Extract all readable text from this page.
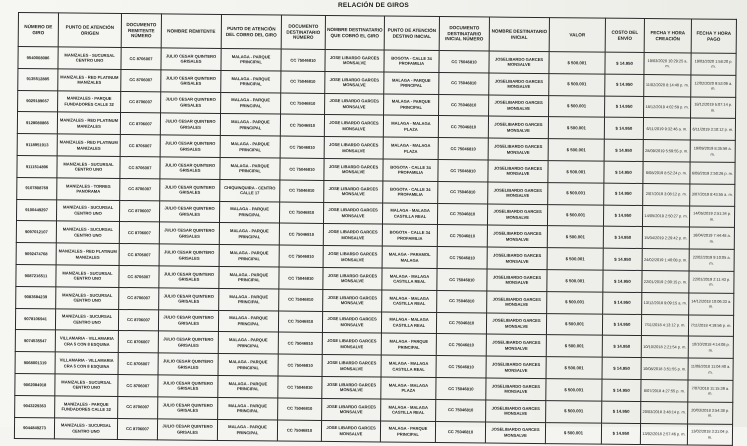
RELACIÓN DE GIROS
NÚMERO DE GIRO	PUNTO DE ATENCIÓN ORIGEN	DOCUMENTO REMITENTE NÚMERO	NOMBRE REMITENTE	PUNTO DE ATENCIÓN DEL COBRO DEL GIRO	DOCUMENTO DESTINATARIO NÚMERO	NOMBRE DESTINATARIO QUE COBRÓ EL GIRO	PUNTO DE ATENCIÓN DESTINO INICIAL	DOCUMENTO DESTINATARIO INICIAL NÚMERO	NOMBRE DESTINATARIO INICIAL	VALOR	COSTO DEL ENVÍO	FECHA Y HORA CREACIÓN	FECHA Y HORA PAGO
9540008086	MANIZALES - SUCURSAL CENTRO UNO	CC 8706007	JULIO CESAR QUINTERO GRISALES	MALAGA - PARQUE PRINCIPAL	CC 75046810	JOSE LIBARDO GARCES MONSALVE	BOGOTA - CALLE 34 PROFAMILIA	CC 75046810	JOSELIBARDO GARCES MONSALVE	$ 500.001	$ 14.950	19/03/2020 10:29:25 a. m.	19/03/2020 1:58:20 p. m.
9135512885	MANIZALES - RED PLATINUM MANIZALES	CC 8706007	JULIO CESAR QUINTERO GRISALES	MALAGA - PARQUE PRINCIPAL	CC 75046810	JOSE LIBARDO GARCES MONSALVE	MALAGA - PARQUE PRINCIPAL	CC 75046810	JOSELIBARDO GARCES MONSALVE	$ 500.001	$ 14.950	11/02/2020 8:14:40 p. m.	12/02/2020 9:53:06 a. m.
9029189667	MANIZALES - PARQUE FUNDADORES CALLE 32	CC 8706007	JULIO CESAR QUINTERO GRISALES	MALAGA - PARQUE PRINCIPAL	CC 75046810	JOSE LIBARDO GARCES MONSALVE	MALAGA - PARQUE PRINCIPAL	CC 75046810	JOSELIBARDO GARCES MONSALVE	$ 500.001	$ 14.950	18/12/2019 4:02:59 p. m.	18/12/2019 5:07:14 p. m.
9128080866	MANIZALES - RED PLATINUM MANIZALES	CC 8706007	JULIO CESAR QUINTERO GRISALES	MALAGA - PARQUE PRINCIPAL	CC 75046810	JOSE LIBARDO GARCES MONSALVE	MALAGA - MALAGA PLAZA	CC 75046810	JOSELIBARDO GARCES MONSALVE	$ 500.001	$ 14.950	6/11/2019 9:32:46 a. m.	6/11/2019 3:10:12 p. m.
9118951913	MANIZALES - RED PLATINUM MANIZALES	CC 8706007	JULIO CESAR QUINTERO GRISALES	MALAGA - PARQUE PRINCIPAL	CC 75046810	JOSE LIBARDO GARCES MONSALVE	MALAGA - MALAGA PLAZA	CC 75046810	JOSELIBARDO GARCES MONSALVE	$ 500.001	$ 14.950	28/09/2019 5:59:55 p. m.	19/09/2019 8:35:56 a. m.
9111514896	MANIZALES - SUCURSAL CENTRO UNO	CC 8706007	JULIO CESAR QUINTERO GRISALES	MALAGA - PARQUE PRINCIPAL	CC 75046810	JOSE LIBARDO GARCES MONSALVE	BOGOTA - CALLE 34 PROFAMILIA	CC 75046810	JOSELIBARDO GARCES MONSALVE	$ 500.001	$ 14.950	6/08/2019 8:52:24 p. m.	6/08/2019 2:50:26 p. m.
9107808769	MANIZALES - TORRES PANORAMA	CC 8706007	JULIO CESAR QUINTERO GRISALES	CHIQUINQUIRA - CENTRO CALLE 17	CC 75046810	JOSE LIBARDO GARCES MONSALVE	BOGOTA - CALLE 34 PROFAMILIA	CC 75046810	JOSELIBARDO GARCES MONSALVE	$ 500.001	$ 14.950	2/07/2019 3:08:12 p. m.	3/07/2019 8:43:55 a. m.
9100449297	MANIZALES - SUCURSAL CENTRO UNO	CC 8706007	JULIO CESAR QUINTERO GRISALES	MALAGA - PARQUE PRINCIPAL	CC 75046810	JOSE LIBARDO GARCES MONSALVE	MALAGA - MALAGA CASTILLA REAL	CC 75046810	JOSELIBARDO GARCES MONSALVE	$ 500.001	$ 14.950	14/05/2019 2:50:27 p. m.	14/05/2019 2:51:34 p. m.
9097012107	MANIZALES - SUCURSAL CENTRO UNO	CC 8706007	JULIO CESAR QUINTERO GRISALES	MALAGA - PARQUE PRINCIPAL	CC 75046810	JOSE LIBARDO GARCES MONSALVE	BOGOTA - CALLE 34 PROFAMILIA	CC 75046810	JOSELIBARDO GARCES MONSALVE	$ 500.001	$ 14.950	15/04/2019 2:29:42 p. m.	16/04/2019 7:44:48 a. m.
9092474768	MANIZALES - RED PLATINUM MANIZALES	CC 8706007	JULIO CESAR QUINTERO GRISALES	MALAGA - PARQUE PRINCIPAL	CC 75046810	JOSE LIBARDO GARCES MONSALVE	MALAGA - PARAMOL MALAGA	CC 75046810	JOSELIBARDO GARCES MONSALVE	$ 500.001	$ 14.950	24/02/2019 1:40:08 p. m.	22/02/2019 9:10:05 a. m.
9087216511	MANIZALES - SUCURSAL CENTRO UNO	CC 8706007	JULIO CESAR QUINTERO GRISALES	MALAGA - PARQUE PRINCIPAL	CC 75046810	JOSE LIBARDO GARCES MONSALVE	MALAGA - MALAGA CASTILLA REAL	CC 75046810	JOSELIBARDO GARCES MONSALVE	$ 500.001	$ 14.950	22/01/2019 2:00:15 p. m.	22/01/2019 2:11:43 p. m.
9083684239	MANIZALES - SUCURSAL CENTRO UNO	CC 8706007	JULIO CESAR QUINTERO GRISALES	MALAGA - PARQUE PRINCIPAL	CC 75046810	JOSE LIBARDO GARCES MONSALVE	MALAGA - MALAGA CASTILLA REAL	CC 75046810	JOSELIBARDO GARCES MONSALVE	$ 500.001	$ 14.950	13/12/2018 9:09:15 a. m.	14/12/2018 10:06:33 a. m.
9078106941	MANIZALES - SUCURSAL CENTRO UNO	CC 8706007	JULIO CESAR QUINTERO GRISALES	MALAGA - PARQUE PRINCIPAL	CC 75046810	JOSE LIBARDO GARCES MONSALVE	MALAGA - MALAGA CASTILLA REAL	CC 75046810	JOSELIBARDO GARCES MONSALVE	$ 500.001	$ 14.950	7/11/2018 4:13:12 p. m.	7/11/2018 4:19:56 p. m.
9074535547	VILLAMARIA - VILLAMARIA CRA 5 CON 8 ESQUINA	CC 8706007	JULIO CESAR QUINTERO GRISALES	MALAGA - PARQUE PRINCIPAL	CC 75046810	JOSE LIBARDO GARCES MONSALVE	MALAGA - PARQUE PRINCIPAL	CC 75046810	JOSELIBARDO GARCES MONSALVE	$ 500.001	$ 14.950	10/10/2018 2:21:54 p. m.	10/10/2018 4:14:08 p. m.
9068001319	VILLAMARIA - VILLAMARIA CRA 5 CON 8 ESQUINA	CC 8706007	JULIO CESAR QUINTERO GRISALES	MALAGA - PARQUE PRINCIPAL	CC 75046810	JOSE LIBARDO GARCES MONSALVE	MALAGA - MALAGA CASTILLA REAL	CC 75046810	JOSELIBARDO GARCES MONSALVE	$ 500.001	$ 14.950	10/08/2018 3:51:55 p. m.	11/08/2018 11:04:40 a. m.
9062084918	MANIZALES - SUCURSAL CENTRO UNO	CC 8706007	JULIO CESAR QUINTERO GRISALES	MALAGA - PARQUE PRINCIPAL	CC 75046810	JOSE LIBARDO GARCES MONSALVE	MALAGA - MALAGA PLAZA	CC 75046810	JOSELIBARDO GARCES MONSALVE	$ 500.001	$ 14.950	6/07/2018 4:27:55 p. m.	7/07/2018 11:15:39 a. m.
9043229363	MANIZALES - PARQUE FUNDADORES CALLE 32	CC 8706007	JULIO CESAR QUINTERO GRISALES	MALAGA - PARQUE PRINCIPAL	CC 75046810	JOSE LIBARDO GARCES MONSALVE	MALAGA - MALAGA CASTILLA REAL	CC 75046810	JOSELIBARDO GARCES MONSALVE	$ 500.001	$ 14.950	20/03/2018 3:48:14 p. m.	20/03/2018 3:54:38 p. m.
9044849273	MANIZALES - SUCURSAL CENTRO UNO	CC 8706007	JULIO CESAR QUINTERO GRISALES	MALAGA - PARQUE PRINCIPAL	CC 75046810	JOSE LIBARDO GARCES MONSALVE	MALAGA - PARQUE PRINCIPAL	CC 75046810	JOSELIBARDO GARCES MONSALVE	$ 500.001	$ 14.950	13/02/2018 2:57:46 p. m.	13/02/2018 3:31:04 p. m.
